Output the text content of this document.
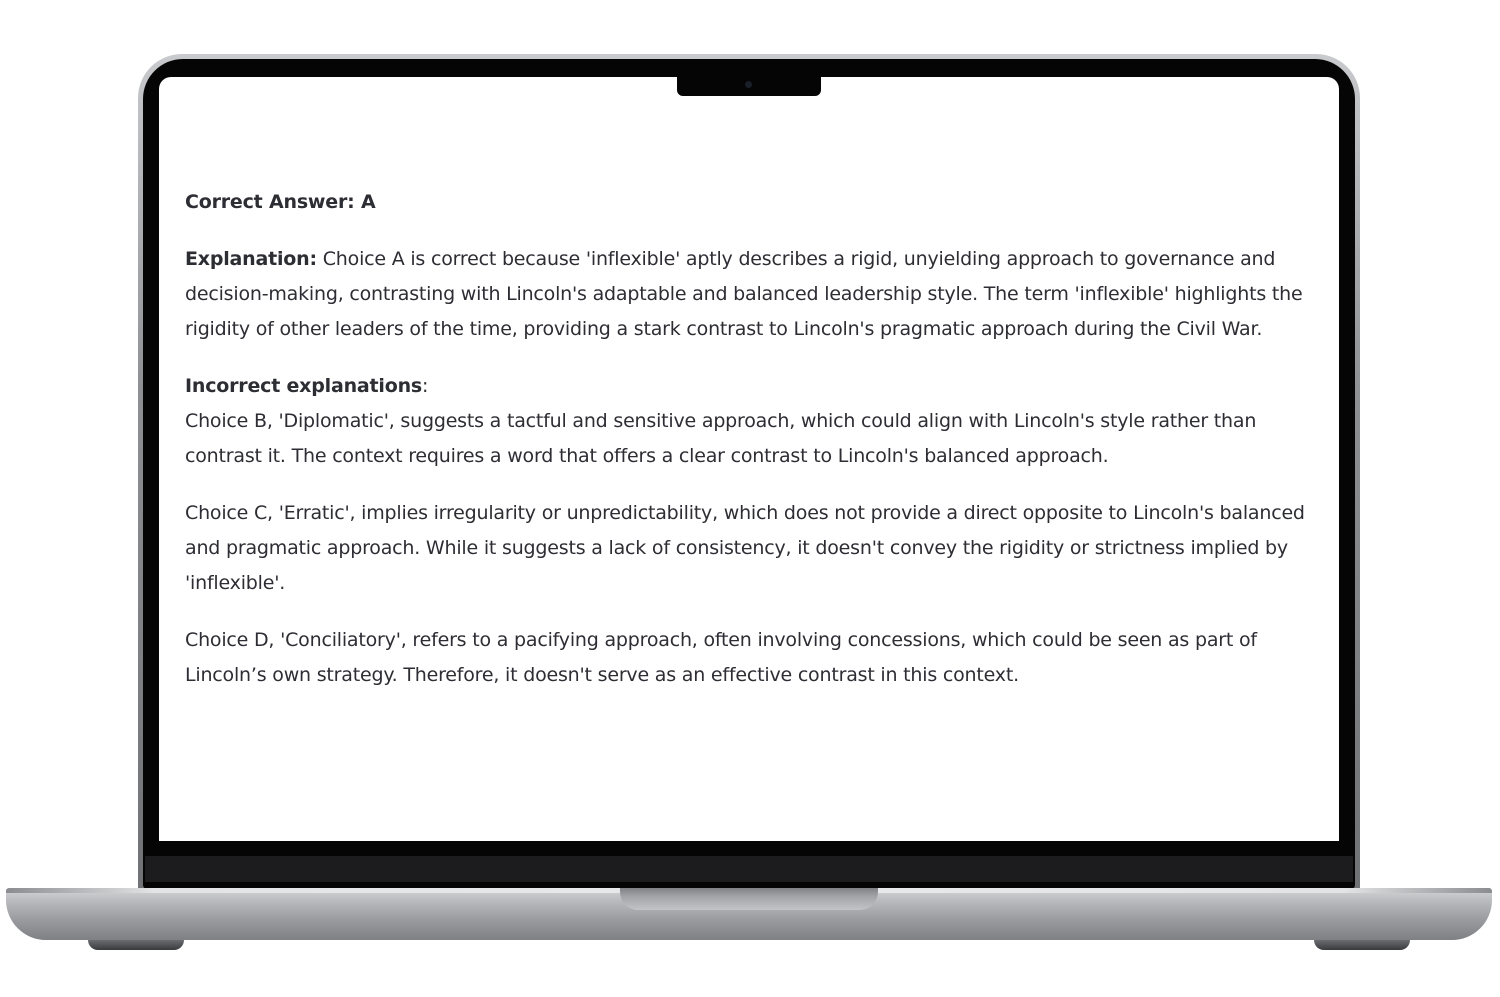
Correct Answer: A

Explanation: Choice A is correct because 'inflexible' aptly describes a rigid, unyielding approach to governance and decision-making, contrasting with Lincoln's adaptable and balanced leadership style. The term 'inflexible' highlights the rigidity of other leaders of the time, providing a stark contrast to Lincoln's pragmatic approach during the Civil War.

Incorrect explanations:

Choice B, 'Diplomatic', suggests a tactful and sensitive approach, which could align with Lincoln's style rather than contrast it. The context requires a word that offers a clear contrast to Lincoln's balanced approach.

Choice C, 'Erratic', implies irregularity or unpredictability, which does not provide a direct opposite to Lincoln's balanced and pragmatic approach. While it suggests a lack of consistency, it doesn't convey the rigidity or strictness implied by 'inflexible'.

Choice D, 'Conciliatory', refers to a pacifying approach, often involving concessions, which could be seen as part of Lincoln’s own strategy. Therefore, it doesn't serve as an effective contrast in this context.
